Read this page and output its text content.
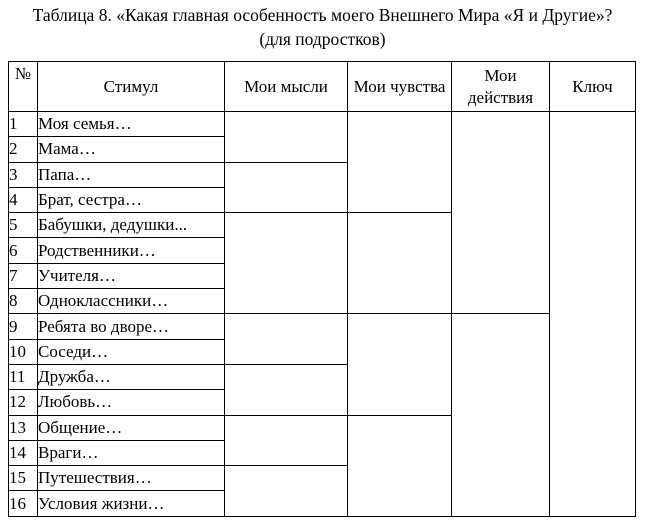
Таблица 8. «Какая главная особенность моего Внешнего Мира «Я и Другие»?
(для подростков)
№	Стимул	Мои мысли	Мои чувства	Мои действия	Ключ
1	Моя семья…				
2	Мама…				
3	Папа…				
4	Брат, сестра…				
5	Бабушки, дедушки...				
6	Родственники…				
7	Учителя…				
8	Одноклассники…				
9	Ребята во дворе…				
10	Соседи…				
11	Дружба…				
12	Любовь…				
13	Общение…				
14	Враги…				
15	Путешествия…				
16	Условия жизни…				
